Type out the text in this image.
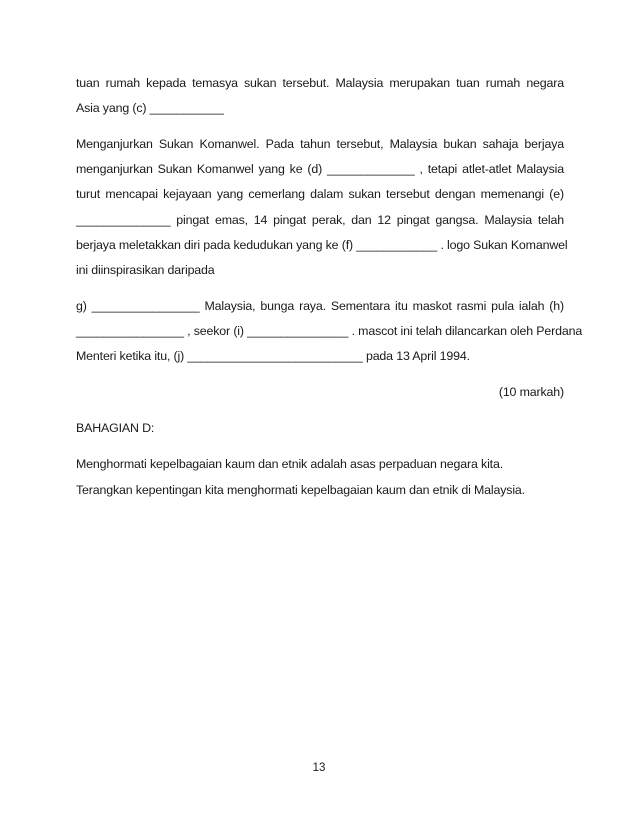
tuan rumah kepada temasya sukan tersebut. Malaysia merupakan tuan rumah negara
Asia yang (c) ___________
Menganjurkan Sukan Komanwel. Pada tahun tersebut, Malaysia bukan sahaja berjaya
menganjurkan Sukan Komanwel yang ke (d) _____________ , tetapi atlet-atlet Malaysia
turut mencapai kejayaan yang cemerlang dalam sukan tersebut dengan memenangi (e)
______________ pingat emas, 14 pingat perak, dan 12 pingat gangsa. Malaysia telah
berjaya meletakkan diri pada kedudukan yang ke (f) ____________ . logo Sukan Komanwel
ini diinspirasikan daripada
g) ________________ Malaysia, bunga raya. Sementara itu maskot rasmi pula ialah (h)
________________ , seekor (i) _______________ . mascot ini telah dilancarkan oleh Perdana
Menteri ketika itu, (j) __________________________ pada 13 April 1994.
(10 markah)
BAHAGIAN D:
Menghormati kepelbagaian kaum dan etnik adalah asas perpaduan negara kita.
Terangkan kepentingan kita menghormati kepelbagaian kaum dan etnik di Malaysia.
13
